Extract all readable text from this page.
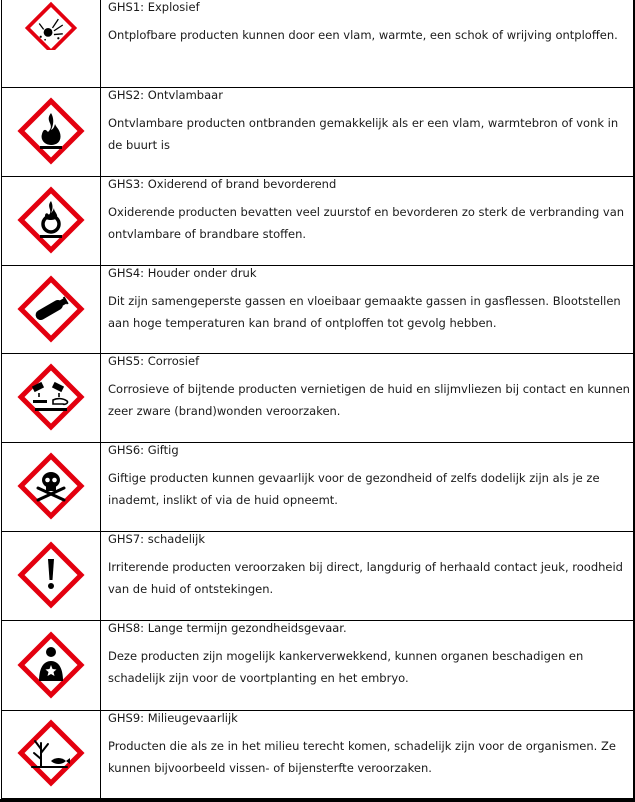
GHS1: Explosief
Ontplofbare producten kunnen door een vlam, warmte, een schok of wrijving ontploffen.

GHS2: Ontvlambaar
Ontvlambare producten ontbranden gemakkelijk als er een vlam, warmtebron of vonk in de buurt is

GHS3: Oxiderend of brand bevorderend
Oxiderende producten bevatten veel zuurstof en bevorderen zo sterk de verbranding van ontvlambare of brandbare stoffen.

GHS4: Houder onder druk
Dit zijn samengeperste gassen en vloeibaar gemaakte gassen in gasflessen. Blootstellen aan hoge temperaturen kan brand of ontploffen tot gevolg hebben.

GHS5: Corrosief
Corrosieve of bijtende producten vernietigen de huid en slijmvliezen bij contact en kunnen zeer zware (brand)wonden veroorzaken.

GHS6: Giftig
Giftige producten kunnen gevaarlijk voor de gezondheid of zelfs dodelijk zijn als je ze inademt, inslikt of via de huid opneemt.

GHS7: schadelijk
Irriterende producten veroorzaken bij direct, langdurig of herhaald contact jeuk, roodheid van de huid of ontstekingen.

GHS8: Lange termijn gezondheidsgevaar.
Deze producten zijn mogelijk kankerverwekkend, kunnen organen beschadigen en schadelijk zijn voor de voortplanting en het embryo.

GHS9: Milieugevaarlijk
Producten die als ze in het milieu terecht komen, schadelijk zijn voor de organismen. Ze kunnen bijvoorbeeld vissen- of bijensterfte veroorzaken.
